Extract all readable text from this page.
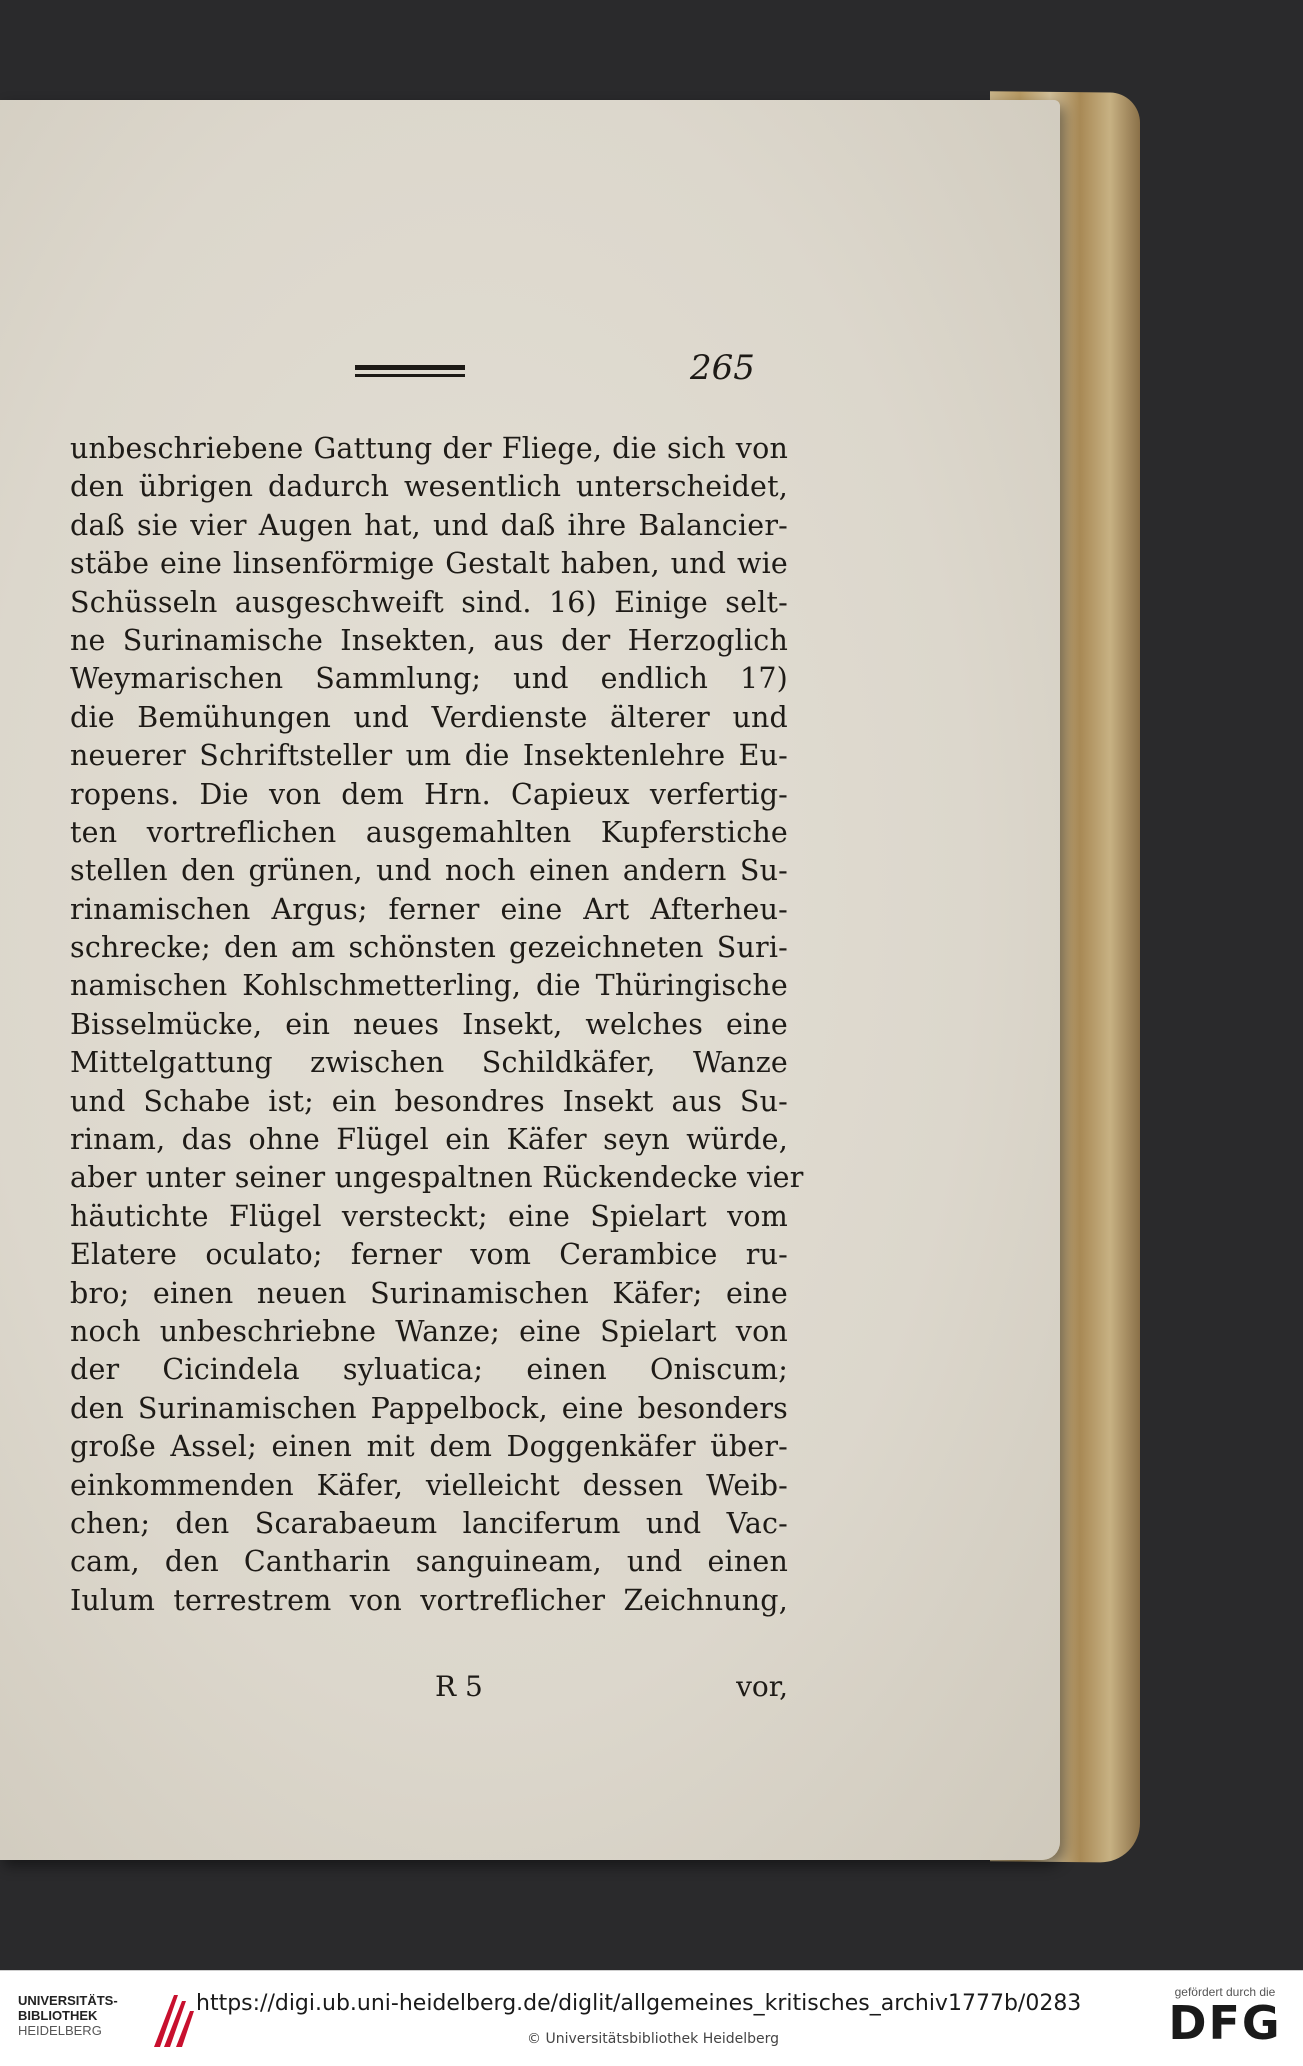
265
unbeschriebene Gattung der Fliege, die sich von
den übrigen dadurch wesentlich unterscheidet,
daß sie vier Augen hat, und daß ihre Balancier-
stäbe eine linsenförmige Gestalt haben, und wie
Schüsseln ausgeschweift sind. 16) Einige selt-
ne Surinamische Insekten, aus der Herzoglich
Weymarischen Sammlung; und endlich 17)
die Bemühungen und Verdienste älterer und
neuerer Schriftsteller um die Insektenlehre Eu-
ropens. Die von dem Hrn. Capieux verfertig-
ten vortreflichen ausgemahlten Kupferstiche
stellen den grünen, und noch einen andern Su-
rinamischen Argus; ferner eine Art Afterheu-
schrecke; den am schönsten gezeichneten Suri-
namischen Kohlschmetterling, die Thüringische
Bisselmücke, ein neues Insekt, welches eine
Mittelgattung zwischen Schildkäfer, Wanze
und Schabe ist; ein besondres Insekt aus Su-
rinam, das ohne Flügel ein Käfer seyn würde,
aber unter seiner ungespaltnen Rückendecke vier
häutichte Flügel versteckt; eine Spielart vom
Elatere oculato; ferner vom Cerambice ru-
bro; einen neuen Surinamischen Käfer; eine
noch unbeschriebne Wanze; eine Spielart von
der Cicindela syluatica; einen Oniscum;
den Surinamischen Pappelbock, eine besonders
große Assel; einen mit dem Doggenkäfer über-
einkommenden Käfer, vielleicht dessen Weib-
chen; den Scarabaeum lanciferum und Vac-
cam, den Cantharin sanguineam, und einen
Iulum terrestrem von vortreflicher Zeichnung,
R 5	vor,
UNIVERSITÄTS-
BIBLIOTHEK
HEIDELBERG
https://digi.ub.uni-heidelberg.de/diglit/allgemeines_kritisches_archiv1777b/0283
© Universitätsbibliothek Heidelberg
gefördert durch die
DFG
